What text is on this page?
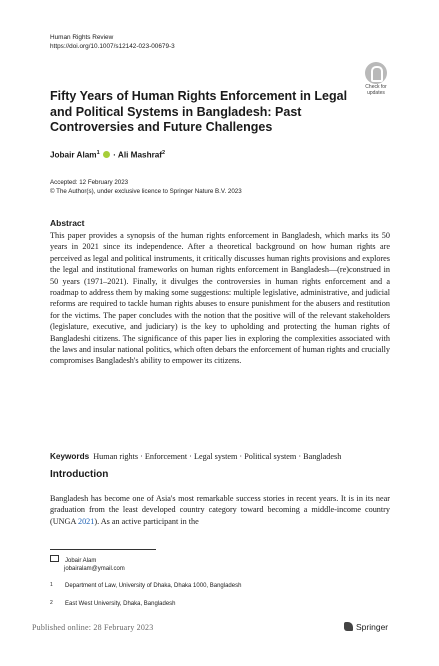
Human Rights Review
https://doi.org/10.1007/s12142-023-00679-3
Check for
updates
Fifty Years of Human Rights Enforcement in Legal and Political Systems in Bangladesh: Past Controversies and Future Challenges
Jobair Alam$^1$ · Ali Mashraf$^2$
Accepted: 12 February 2023
© The Author(s), under exclusive licence to Springer Nature B.V. 2023
Abstract
This paper provides a synopsis of the human rights enforcement in Bangladesh, which marks its 50 years in 2021 since its independence. After a theoretical background on how human rights are perceived as legal and political instruments, it critically discusses human rights provisions and explores the legal and institutional frameworks on human rights enforcement in Bangladesh—(re)construed in 50 years (1971–2021). Finally, it divulges the controversies in human rights enforcement and a roadmap to address them by making some suggestions: multiple legislative, administrative, and judicial reforms are required to tackle human rights abuses to ensure punishment for the abusers and restitution for the victims. The paper concludes with the notion that the positive will of the relevant stakeholders (legislature, executive, and judiciary) is the key to upholding and protecting the human rights of Bangladeshi citizens. The significance of this paper lies in exploring the complexities associated with the laws and insular national politics, which often debars the enforcement of human rights and crucially compromises Bangladesh's ability to empower its citizens.
Keywords Human rights · Enforcement · Legal system · Political system · Bangladesh
Introduction
Bangladesh has become one of Asia's most remarkable success stories in recent years. It is in its near graduation from the least developed country category toward becoming a middle-income country (UNGA 2021). As an active participant in the
Jobair Alam
jobairalam@ymail.com
1 Department of Law, University of Dhaka, Dhaka 1000, Bangladesh
2 East West University, Dhaka, Bangladesh
Published online: 28 February 2023	Springer
